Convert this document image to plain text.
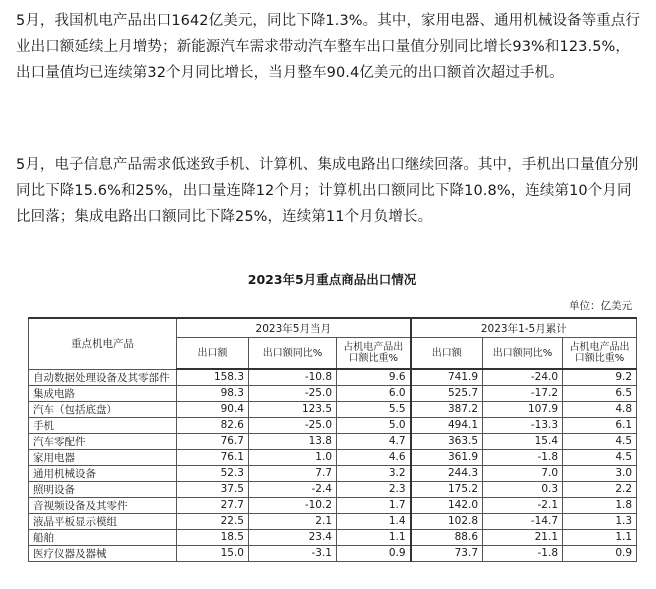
5月，我国机电产品出口1642亿美元，同比下降1.3%。其中，家用电器、通用机械设备等重点行业出口额延续上月增势；新能源汽车需求带动汽车整车出口量值分别同比增长93%和123.5%，出口量值均已连续第32个月同比增长，当月整车90.4亿美元的出口额首次超过手机。

5月，电子信息产品需求低迷致手机、计算机、集成电路出口继续回落。其中，手机出口量值分别同比下降15.6%和25%，出口量连降12个月；计算机出口额同比下降10.8%，连续第10个月同比回落；集成电路出口额同比下降25%，连续第11个月负增长。

2023年5月重点商品出口情况
单位：亿美元
重点机电产品	2023年5月当月			2023年1-5月累计		
	出口额	出口额同比%	占机电产品出口额比重%	出口额	出口额同比%	占机电产品出口额比重%
自动数据处理设备及其零部件	158.3	-10.8	9.6	741.9	-24.0	9.2
集成电路	98.3	-25.0	6.0	525.7	-17.2	6.5
汽车（包括底盘）	90.4	123.5	5.5	387.2	107.9	4.8
手机	82.6	-25.0	5.0	494.1	-13.3	6.1
汽车零配件	76.7	13.8	4.7	363.5	15.4	4.5
家用电器	76.1	1.0	4.6	361.9	-1.8	4.5
通用机械设备	52.3	7.7	3.2	244.3	7.0	3.0
照明设备	37.5	-2.4	2.3	175.2	0.3	2.2
音视频设备及其零件	27.7	-10.2	1.7	142.0	-2.1	1.8
液晶平板显示模组	22.5	2.1	1.4	102.8	-14.7	1.3
船舶	18.5	23.4	1.1	88.6	21.1	1.1
医疗仪器及器械	15.0	-3.1	0.9	73.7	-1.8	0.9
